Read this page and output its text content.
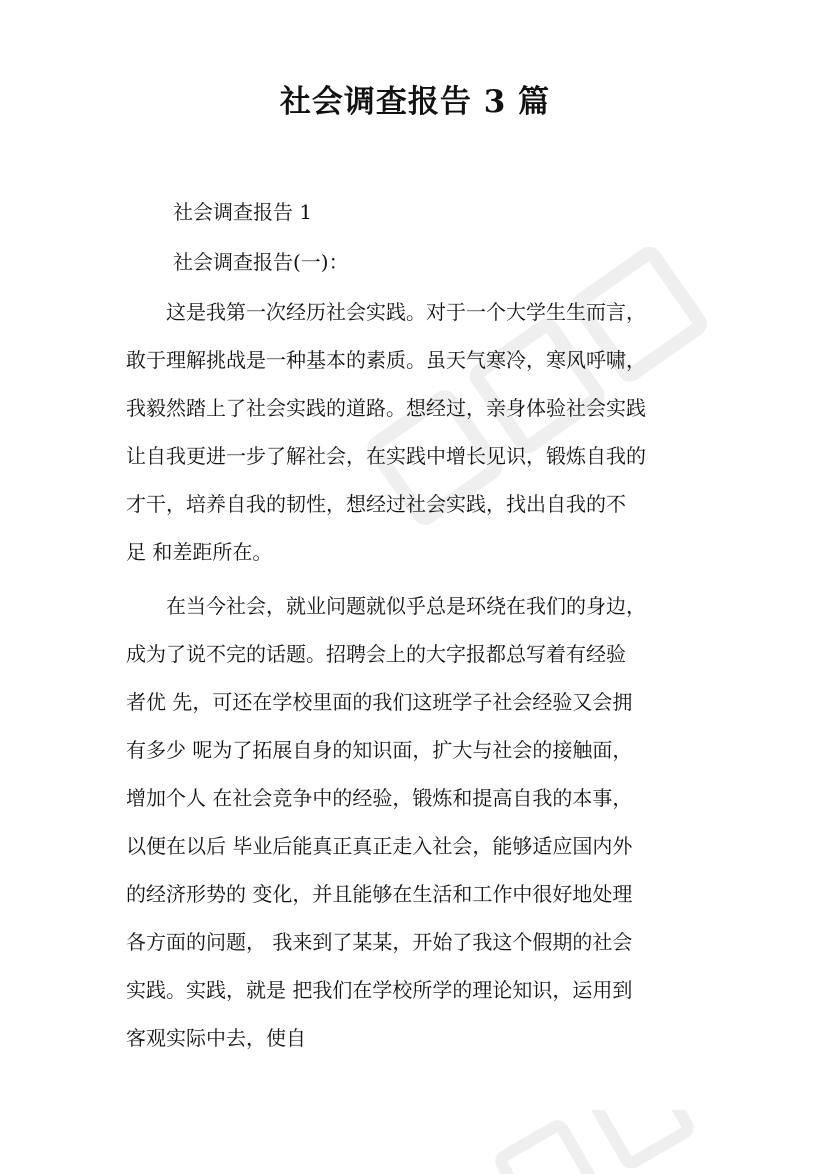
社会调查报告 3 篇
社会调查报告 1
社会调查报告(一)：
　　这是我第一次经历社会实践。对于一个大学生生而言，
敢于理解挑战是一种基本的素质。虽天气寒冷，寒风呼啸，
我毅然踏上了社会实践的道路。想经过，亲身体验社会实践
让自我更进一步了解社会，在实践中增长见识，锻炼自我的
才干，培养自我的韧性，想经过社会实践，找出自我的不
足 和差距所在。
　　在当今社会，就业问题就似乎总是环绕在我们的身边，
成为了说不完的话题。招聘会上的大字报都总写着有经验
者优 先，可还在学校里面的我们这班学子社会经验又会拥
有多少 呢为了拓展自身的知识面，扩大与社会的接触面，
增加个人 在社会竞争中的经验，锻炼和提高自我的本事，
以便在以后 毕业后能真正真正走入社会，能够适应国内外
的经济形势的 变化，并且能够在生活和工作中很好地处理
各方面的问题， 我来到了某某，开始了我这个假期的社会
实践。实践，就是 把我们在学校所学的理论知识，运用到
客观实际中去，使自
